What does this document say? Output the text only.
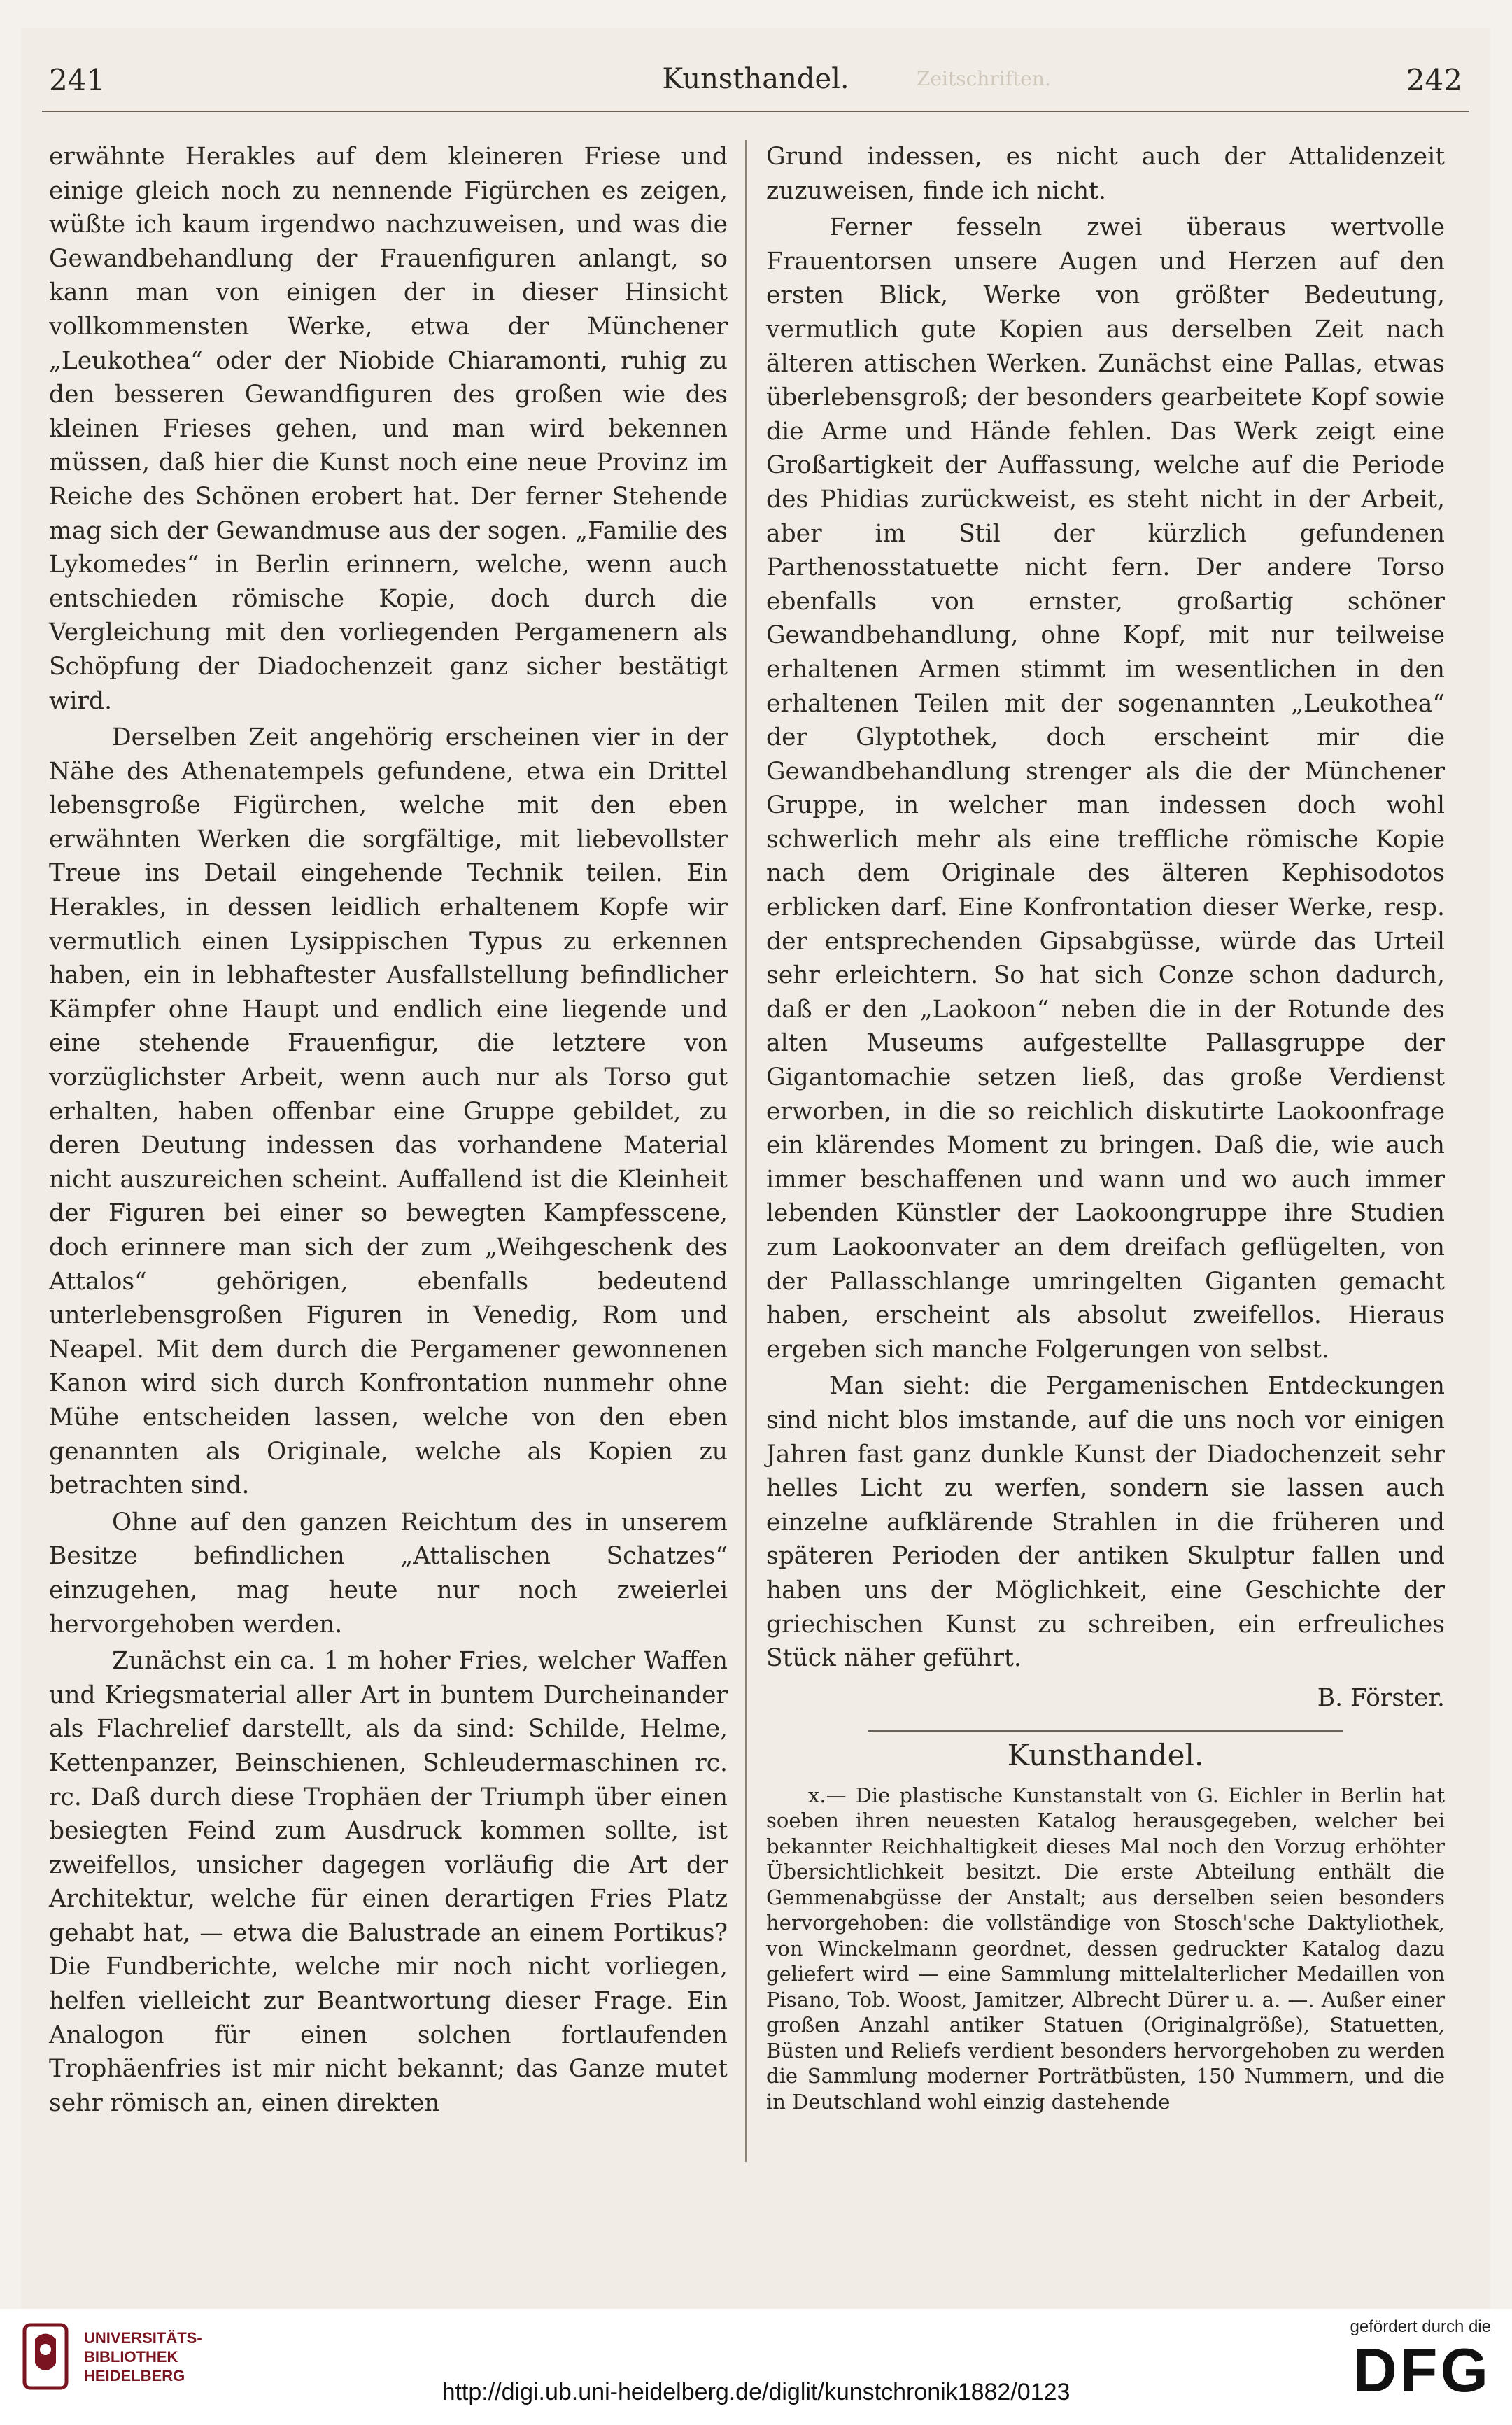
241	Zeitschriften.
Kunsthandel.	242

erwähnte Herakles auf dem kleineren Friese und einige gleich noch zu nennende Figürchen es zeigen, wüßte ich kaum irgendwo nachzuweisen, und was die Gewandbehandlung der Frauenfiguren anlangt, so kann man von einigen der in dieser Hinsicht vollkommensten Werke, etwa der Münchener „Leukothea“ oder der Niobide Chiaramonti, ruhig zu den besseren Gewandfiguren des großen wie des kleinen Frieses gehen, und man wird bekennen müssen, daß hier die Kunst noch eine neue Provinz im Reiche des Schönen erobert hat. Der ferner Stehende mag sich der Gewandmuse aus der sogen. „Familie des Lykomedes“ in Berlin erinnern, welche, wenn auch entschieden römische Kopie, doch durch die Vergleichung mit den vorliegenden Pergamenern als Schöpfung der Diadochenzeit ganz sicher bestätigt wird.

Derselben Zeit angehörig erscheinen vier in der Nähe des Athenatempels gefundene, etwa ein Drittel lebensgroße Figürchen, welche mit den eben erwähnten Werken die sorgfältige, mit liebevollster Treue ins Detail eingehende Technik teilen. Ein Herakles, in dessen leidlich erhaltenem Kopfe wir vermutlich einen Lysippischen Typus zu erkennen haben, ein in lebhaftester Ausfallstellung befindlicher Kämpfer ohne Haupt und endlich eine liegende und eine stehende Frauenfigur, die letztere von vorzüglichster Arbeit, wenn auch nur als Torso gut erhalten, haben offenbar eine Gruppe gebildet, zu deren Deutung indessen das vorhandene Material nicht auszureichen scheint. Auffallend ist die Kleinheit der Figuren bei einer so bewegten Kampfesscene, doch erinnere man sich der zum „Weihgeschenk des Attalos“ gehörigen, ebenfalls bedeutend unterlebensgroßen Figuren in Venedig, Rom und Neapel. Mit dem durch die Pergamener gewonnenen Kanon wird sich durch Konfrontation nunmehr ohne Mühe entscheiden lassen, welche von den eben genannten als Originale, welche als Kopien zu betrachten sind.

Ohne auf den ganzen Reichtum des in unserem Besitze befindlichen „Attalischen Schatzes“ einzugehen, mag heute nur noch zweierlei hervorgehoben werden.

Zunächst ein ca. 1 m hoher Fries, welcher Waffen und Kriegsmaterial aller Art in buntem Durcheinander als Flachrelief darstellt, als da sind: Schilde, Helme, Kettenpanzer, Beinschienen, Schleudermaschinen rc. rc. Daß durch diese Trophäen der Triumph über einen besiegten Feind zum Ausdruck kommen sollte, ist zweifellos, unsicher dagegen vorläufig die Art der Architektur, welche für einen derartigen Fries Platz gehabt hat, — etwa die Balustrade an einem Portikus? Die Fundberichte, welche mir noch nicht vorliegen, helfen vielleicht zur Beantwortung dieser Frage. Ein Analogon für einen solchen fortlaufenden Trophäenfries ist mir nicht bekannt; das Ganze mutet sehr römisch an, einen direkten

Grund indessen, es nicht auch der Attalidenzeit zuzuweisen, finde ich nicht.

Ferner fesseln zwei überaus wertvolle Frauentorsen unsere Augen und Herzen auf den ersten Blick, Werke von größter Bedeutung, vermutlich gute Kopien aus derselben Zeit nach älteren attischen Werken. Zunächst eine Pallas, etwas überlebensgroß; der besonders gearbeitete Kopf sowie die Arme und Hände fehlen. Das Werk zeigt eine Großartigkeit der Auffassung, welche auf die Periode des Phidias zurückweist, es steht nicht in der Arbeit, aber im Stil der kürzlich gefundenen Parthenosstatuette nicht fern. Der andere Torso ebenfalls von ernster, großartig schöner Gewandbehandlung, ohne Kopf, mit nur teilweise erhaltenen Armen stimmt im wesentlichen in den erhaltenen Teilen mit der sogenannten „Leukothea“ der Glyptothek, doch erscheint mir die Gewandbehandlung strenger als die der Münchener Gruppe, in welcher man indessen doch wohl schwerlich mehr als eine treffliche römische Kopie nach dem Originale des älteren Kephisodotos erblicken darf. Eine Konfrontation dieser Werke, resp. der entsprechenden Gipsabgüsse, würde das Urteil sehr erleichtern. So hat sich Conze schon dadurch, daß er den „Laokoon“ neben die in der Rotunde des alten Museums aufgestellte Pallasgruppe der Gigantomachie setzen ließ, das große Verdienst erworben, in die so reichlich diskutirte Laokoonfrage ein klärendes Moment zu bringen. Daß die, wie auch immer beschaffenen und wann und wo auch immer lebenden Künstler der Laokoongruppe ihre Studien zum Laokoonvater an dem dreifach geflügelten, von der Pallasschlange umringelten Giganten gemacht haben, erscheint als absolut zweifellos. Hieraus ergeben sich manche Folgerungen von selbst.

Man sieht: die Pergamenischen Entdeckungen sind nicht blos imstande, auf die uns noch vor einigen Jahren fast ganz dunkle Kunst der Diadochenzeit sehr helles Licht zu werfen, sondern sie lassen auch einzelne aufklärende Strahlen in die früheren und späteren Perioden der antiken Skulptur fallen und haben uns der Möglichkeit, eine Geschichte der griechischen Kunst zu schreiben, ein erfreuliches Stück näher geführt.

B. Förster.

Kunsthandel.

x.— Die plastische Kunstanstalt von G. Eichler in Berlin hat soeben ihren neuesten Katalog herausgegeben, welcher bei bekannter Reichhaltigkeit dieses Mal noch den Vorzug erhöhter Übersichtlichkeit besitzt. Die erste Abteilung enthält die Gemmenabgüsse der Anstalt; aus derselben seien besonders hervorgehoben: die vollständige von Stosch'sche Daktyliothek, von Winckelmann geordnet, dessen gedruckter Katalog dazu geliefert wird — eine Sammlung mittelalterlicher Medaillen von Pisano, Tob. Woost, Jamitzer, Albrecht Dürer u. a. —. Außer einer großen Anzahl antiker Statuen (Originalgröße), Statuetten, Büsten und Reliefs verdient besonders hervorgehoben zu werden die Sammlung moderner Porträtbüsten, 150 Nummern, und die in Deutschland wohl einzig dastehende

UNIVERSITÄTS-
BIBLIOTHEK
HEIDELBERG
http://digi.ub.uni-heidelberg.de/diglit/kunstchronik1882/0123
gefördert durch die
DFG
